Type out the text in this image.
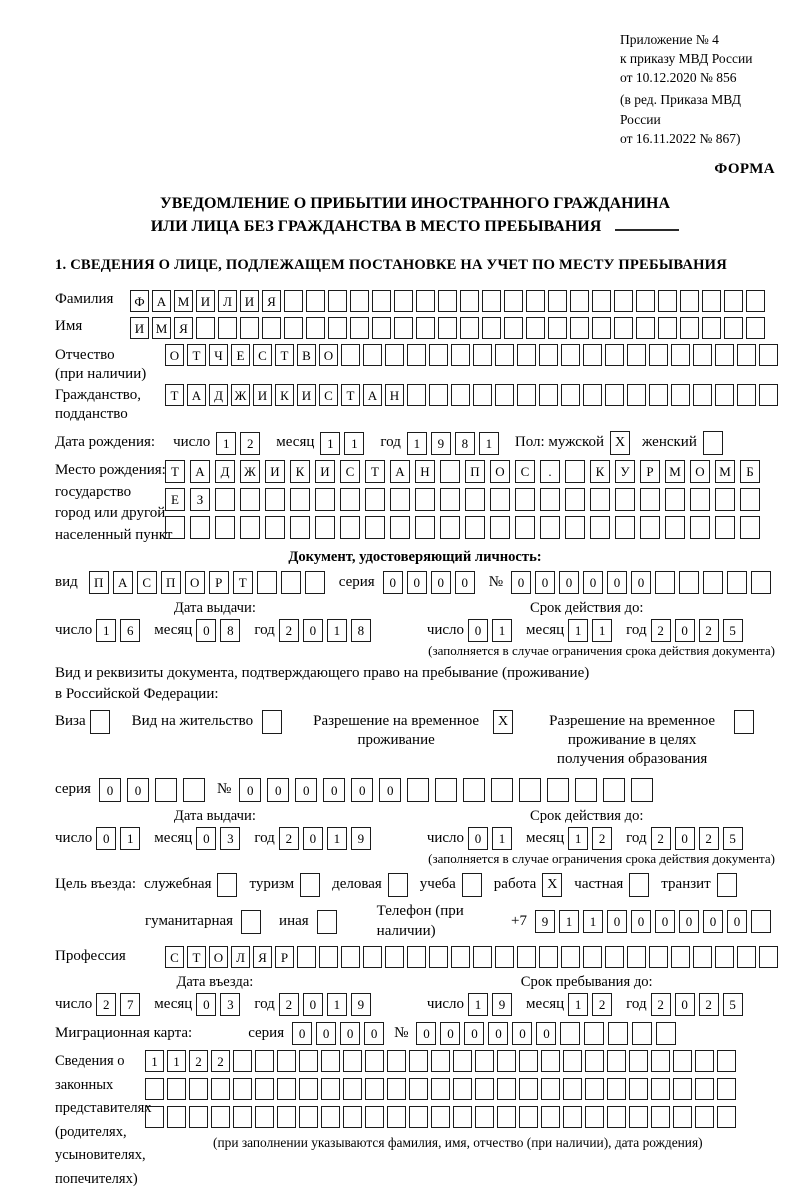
Приложение № 4
к приказу МВД России
от 10.12.2020 № 856
(в ред. Приказа МВД России
от 16.11.2022 № 867)
ФОРМА
УВЕДОМЛЕНИЕ О ПРИБЫТИИ ИНОСТРАННОГО ГРАЖДАНИНА
ИЛИ ЛИЦА БЕЗ ГРАЖДАНСТВА В МЕСТО ПРЕБЫВАНИЯ
1. СВЕДЕНИЯ О ЛИЦЕ, ПОДЛЕЖАЩЕМ ПОСТАНОВКЕ НА УЧЕТ ПО МЕСТУ ПРЕБЫВАНИЯ
Фамилия	Ф А М И Л И Я
Имя	И М Я
Отчество
(при наличии)
О	Т	Ч	Е	С	Т	В О
Гражданство,
подданство
Т	А Д Ж И К И С	Т	А Н
Дата рождения: число 1	2	месяц 1	1	год 1	9	8	1	Пол: мужской X	женский
Место рождения:
государство
город или другой
населенный пункт
Т	А	Д	Ж	И	К	И	С	Т	А	Н	П	О	С	.	К	У	Р	М	О	М	Б
Е	З
Документ, удостоверяющий личность:
вид	П	А	С	П	О	Р	Т	серия	0	0	0	0	№	0	0	0	0	0	0
Дата выдачи:
число 1	6	месяц 0	8	год 2	0	1	8
Срок действия до:
число 0	1	месяц 1	1	год 2	0	2	5
(заполняется в случае ограничения срока действия документа)
Вид и реквизиты документа, подтверждающего право на пребывание (проживание)
в Российской Федерации:
Виза	Вид на жительство	Разрешение на временное проживание
X	Разрешение на временное проживание в целях получения образования
серия	0	0	№	0	0	0	0	0	0
Дата выдачи:
число 0	1	месяц 0	3	год 2	0	1	9
Срок действия до:
число 0	1	месяц 1	2	год 2	0	2	5
(заполняется в случае ограничения срока действия документа)
Цель въезда: служебная	туризм	деловая	учеба	работа X	частная	транзит
гуманитарная	иная
Телефон (при наличии)
+7	9	1	1	0	0	0	0	0	0
Профессия	С	Т	О Л	Я	Р
Дата въезда:
число 2	7	месяц 0	3	год 2	0	1	9
Срок пребывания до:
число 1	9	месяц 1	2	год 2	0	2	5
Миграционная карта:	серия	0	0	0	0	№	0	0	0	0	0	0
Сведения о
законных
представителях
(родителях,
усыновителях,
попечителях)
1	1	2	2
(при заполнении указываются фамилия, имя, отчество (при наличии), дата рождения)
